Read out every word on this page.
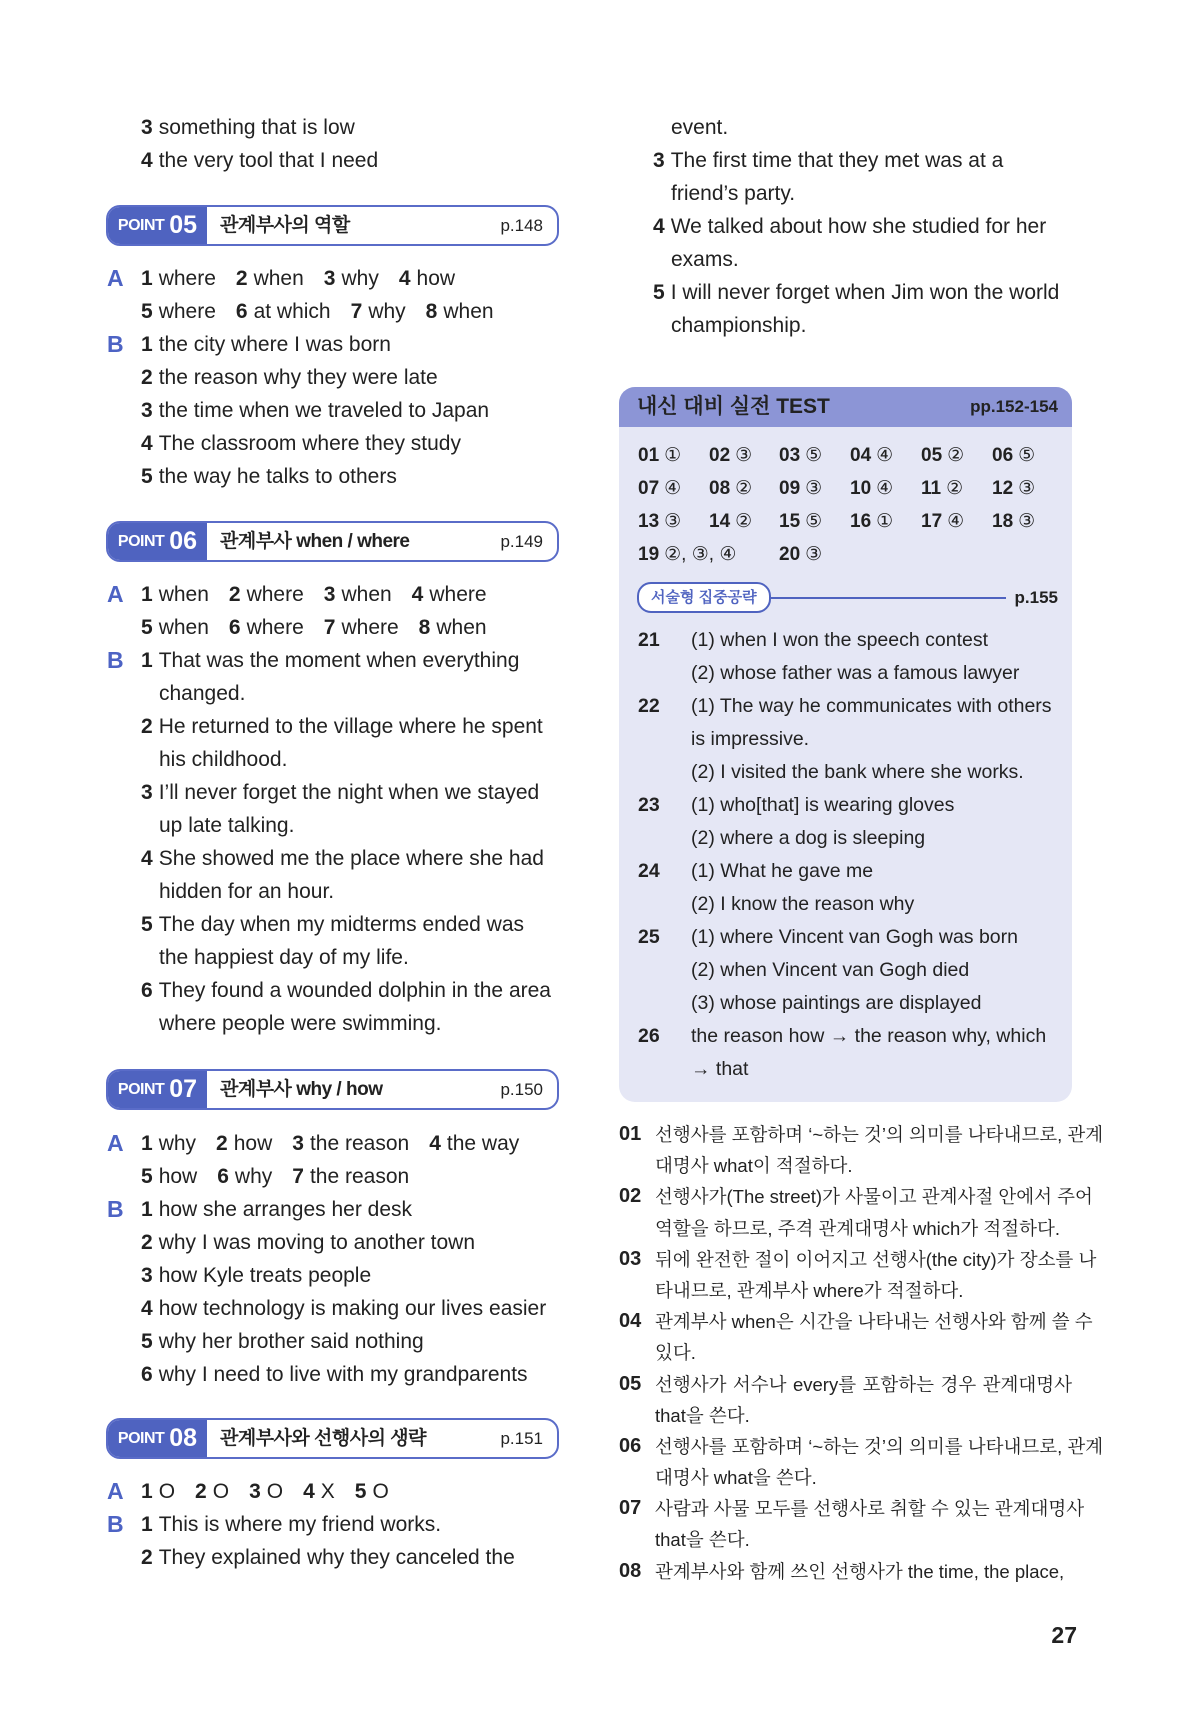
3 something that is low
4 the very tool that I need
POINT 05 관계부사의 역할	p.148
A 1 where 2 when 3 why 4 how
5 where 6 at which 7 why 8 when
B 1 the city where I was born
2 the reason why they were late
3 the time when we traveled to Japan
4 The classroom where they study
5 the way he talks to others
POINT 06 관계부사 when / where	p.149
A 1 when 2 where 3 when 4 where
5 when 6 where 7 where 8 when
B 1 That was the moment when everything
changed.
2 He returned to the village where he spent
his childhood.
3 I’ll never forget the night when we stayed
up late talking.
4 She showed me the place where she had
hidden for an hour.
5 The day when my midterms ended was
the happiest day of my life.
6 They found a wounded dolphin in the area
where people were swimming.
POINT 07 관계부사 why / how	p.150
A 1 why 2 how 3 the reason 4 the way
5 how 6 why 7 the reason
B 1 how she arranges her desk
2 why I was moving to another town
3 how Kyle treats people
4 how technology is making our lives easier
5 why her brother said nothing
6 why I need to live with my grandparents
POINT 08 관계부사와 선행사의 생략	p.151
A 1 O 2 O 3 O 4 X 5 O
B 1 This is where my friend works.
2 They explained why they canceled the
event.
3 The first time that they met was at a
friend’s party.
4 We talked about how she studied for her
exams.
5 I will never forget when Jim won the world
championship.
내신 대비 실전 TEST	pp.152-154
01 ① 02 ③ 03 ⑤ 04 ④ 05 ② 06 ⑤
07 ④ 08 ② 09 ③ 10 ④ 11 ② 12 ③
13 ③ 14 ② 15 ⑤ 16 ① 17 ④ 18 ③
19 ②, ③, ④ 20 ③
서술형 집중공략	p.155
21 (1) when I won the speech contest
(2) whose father was a famous lawyer
22 (1) The way he communicates with others
is impressive.
(2) I visited the bank where she works.
23 (1) who[that] is wearing gloves
(2) where a dog is sleeping
24 (1) What he gave me
(2) I know the reason why
25 (1) where Vincent van Gogh was born
(2) when Vincent van Gogh died
(3) whose paintings are displayed
26 the reason how → the reason why, which
→ that
01 선행사를 포함하며 ‘~하는 것’의 의미를 나타내므로, 관계
대명사 what이 적절하다.
02 선행사가(The street)가 사물이고 관계사절 안에서 주어
역할을 하므로, 주격 관계대명사 which가 적절하다.
03 뒤에 완전한 절이 이어지고 선행사(the city)가 장소를 나
타내므로, 관계부사 where가 적절하다.
04 관계부사 when은 시간을 나타내는 선행사와 함께 쓸 수
있다.
05 선행사가 서수나 every를 포함하는 경우 관계대명사
that을 쓴다.
06 선행사를 포함하며 ‘~하는 것’의 의미를 나타내므로, 관계
대명사 what을 쓴다.
07 사람과 사물 모두를 선행사로 취할 수 있는 관계대명사
that을 쓴다.
08 관계부사와 함께 쓰인 선행사가 the time, the place,
27
